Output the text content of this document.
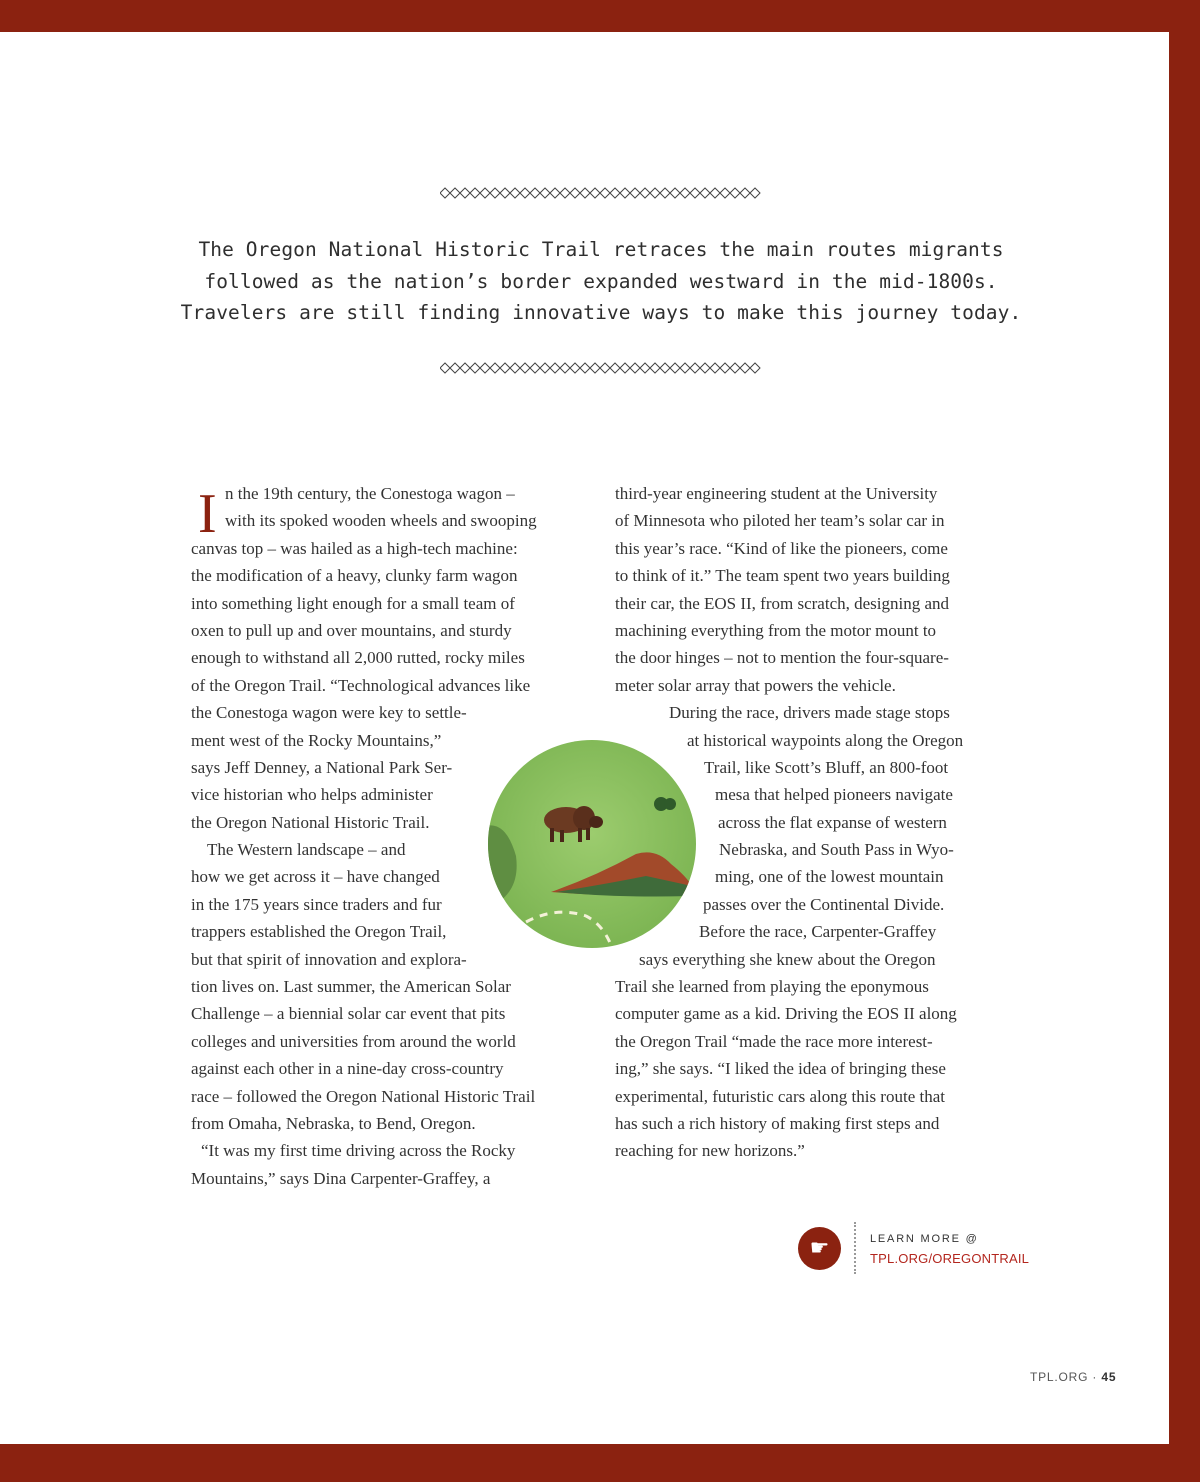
The Oregon National Historic Trail retraces the main routes migrants
followed as the nation’s border expanded westward in the mid-1800s.
Travelers are still finding innovative ways to make this journey today.
I n the 19th century, the Conestoga wagon –
with its spoked wooden wheels and swooping
canvas top – was hailed as a high-tech machine:
the modification of a heavy, clunky farm wagon
into something light enough for a small team of
oxen to pull up and over mountains, and sturdy
enough to withstand all 2,000 rutted, rocky miles
of the Oregon Trail. “Technological advances like
the Conestoga wagon were key to settle-
ment west of the Rocky Mountains,”
says Jeff Denney, a National Park Ser-
vice historian who helps administer
the Oregon National Historic Trail.
The Western landscape – and
how we get across it – have changed
in the 175 years since traders and fur
trappers established the Oregon Trail,
but that spirit of innovation and explora-
tion lives on. Last summer, the American Solar
Challenge – a biennial solar car event that pits
colleges and universities from around the world
against each other in a nine-day cross-country
race – followed the Oregon National Historic Trail
from Omaha, Nebraska, to Bend, Oregon.
“It was my first time driving across the Rocky
Mountains,” says Dina Carpenter-Graffey, a
third-year engineering student at the University
of Minnesota who piloted her team’s solar car in
this year’s race. “Kind of like the pioneers, come
to think of it.” The team spent two years building
their car, the EOS II, from scratch, designing and
machining everything from the motor mount to
the door hinges – not to mention the four-square-
meter solar array that powers the vehicle.
During the race, drivers made stage stops
at historical waypoints along the Oregon
Trail, like Scott’s Bluff, an 800-foot
mesa that helped pioneers navigate
across the flat expanse of western
Nebraska, and South Pass in Wyo-
ming, one of the lowest mountain
passes over the Continental Divide.
Before the race, Carpenter-Graffey
says everything she knew about the Oregon
Trail she learned from playing the eponymous
computer game as a kid. Driving the EOS II along
the Oregon Trail “made the race more interest-
ing,” she says. “I liked the idea of bringing these
experimental, futuristic cars along this route that
has such a rich history of making first steps and
reaching for new horizons.”
☛	LEARN MORE @
TPL.ORG/OREGONTRAIL
TPL.ORG · 45
